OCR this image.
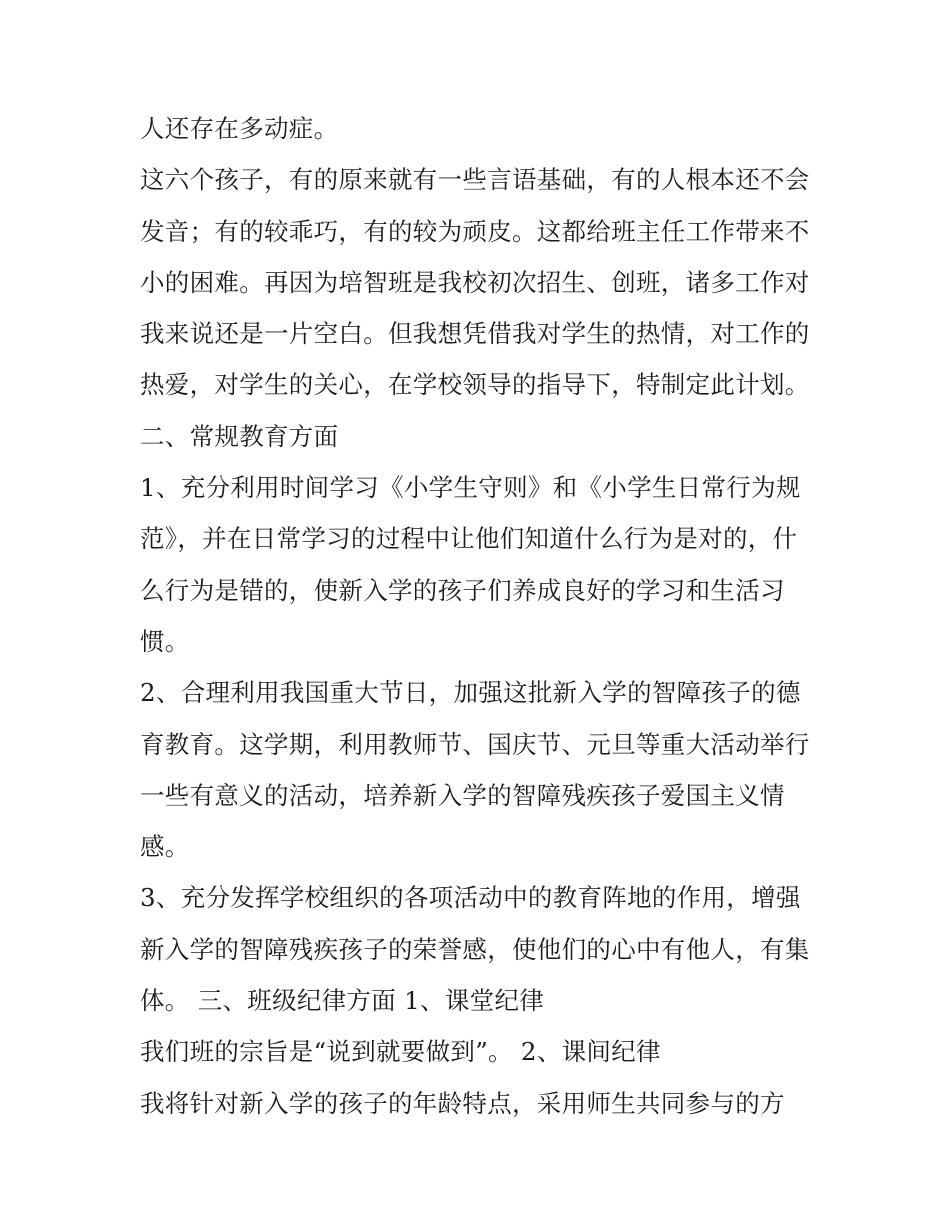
人还存在多动症。
这六个孩子，有的原来就有一些言语基础，有的人根本还不会
发音；有的较乖巧，有的较为顽皮。这都给班主任工作带来不
小的困难。再因为培智班是我校初次招生、创班，诸多工作对
我来说还是一片空白。但我想凭借我对学生的热情，对工作的
热爱，对学生的关心，在学校领导的指导下，特制定此计划。
二、常规教育方面
1、充分利用时间学习《小学生守则》和《小学生日常行为规
范》，并在日常学习的过程中让他们知道什么行为是对的，什
么行为是错的，使新入学的孩子们养成良好的学习和生活习
惯。
2、合理利用我国重大节日，加强这批新入学的智障孩子的德
育教育。这学期，利用教师节、国庆节、元旦等重大活动举行
一些有意义的活动，培养新入学的智障残疾孩子爱国主义情
感。
3、充分发挥学校组织的各项活动中的教育阵地的作用，增强
新入学的智障残疾孩子的荣誉感，使他们的心中有他人，有集
体。 三、班级纪律方面 1、课堂纪律
我们班的宗旨是“说到就要做到”。 2、课间纪律
我将针对新入学的孩子的年龄特点，采用师生共同参与的方
